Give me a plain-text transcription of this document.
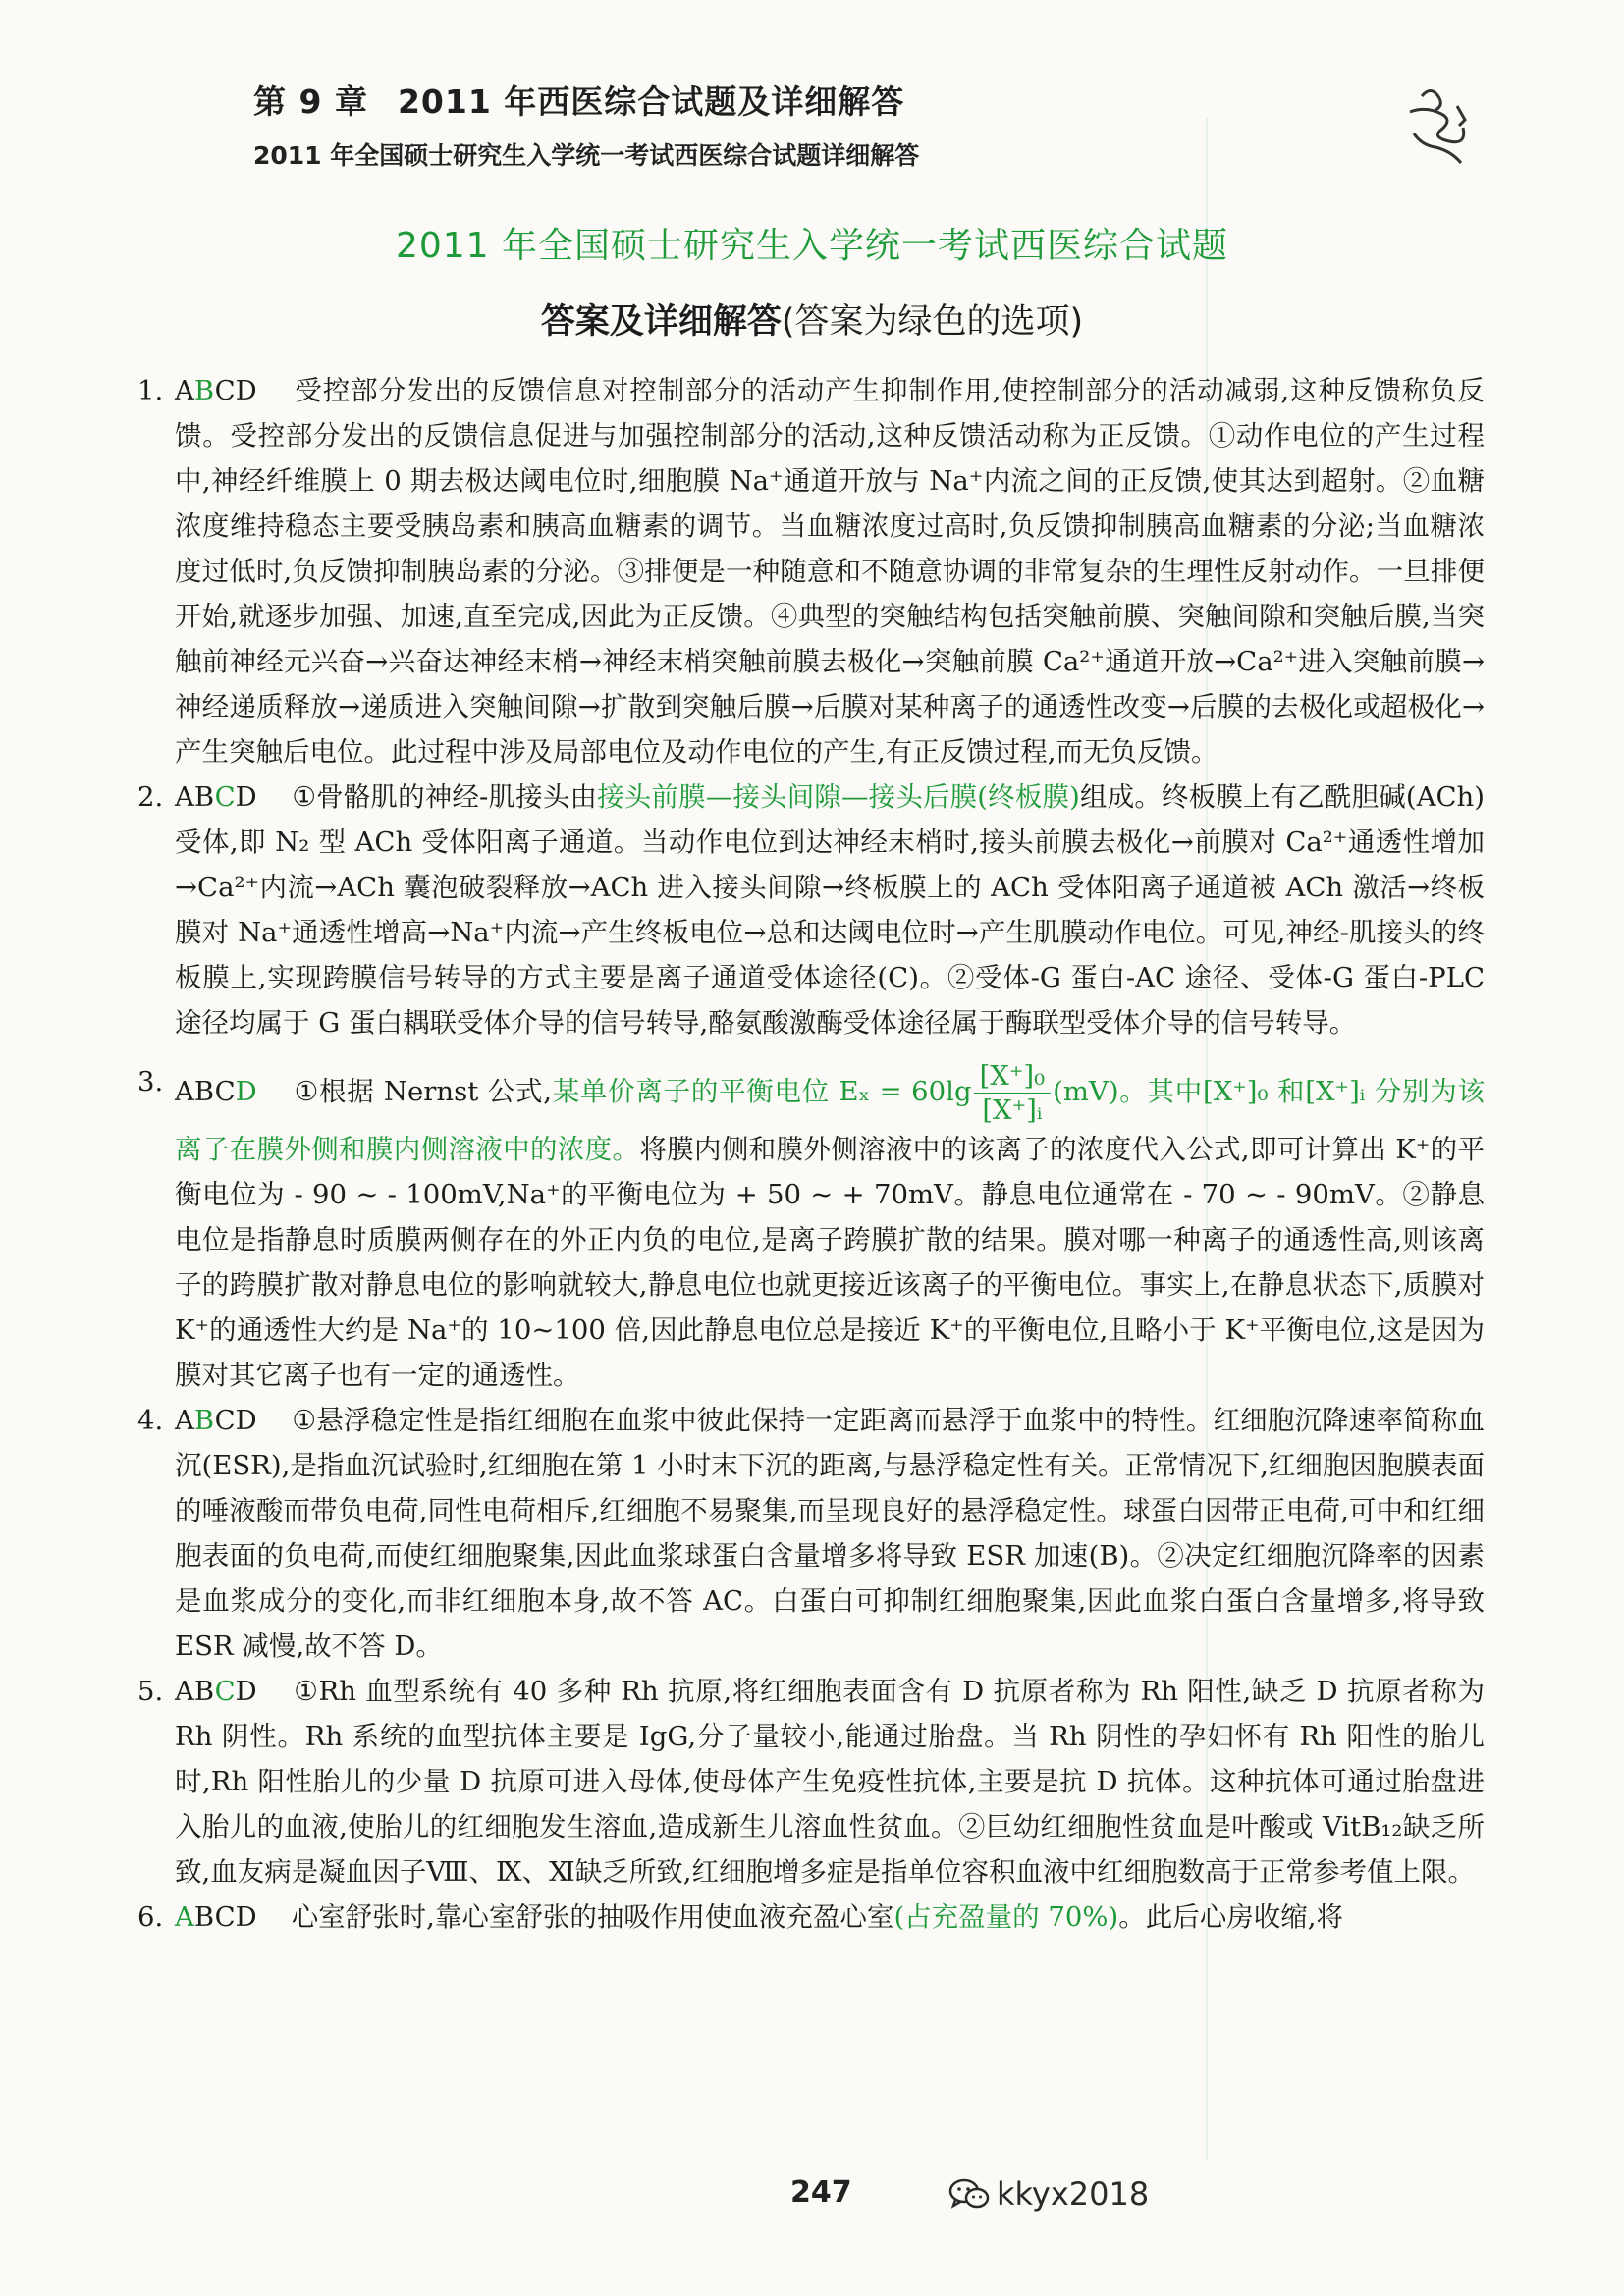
第 9 章 2011 年西医综合试题及详细解答
2011 年全国硕士研究生入学统一考试西医综合试题详细解答
2011 年全国硕士研究生入学统一考试西医综合试题
答案及详细解答(答案为绿色的选项)

1. ABCD 受控部分发出的反馈信息对控制部分的活动产生抑制作用,使控制部分的活动减弱,这种反馈称负反馈。受控部分发出的反馈信息促进与加强控制部分的活动,这种反馈活动称为正反馈。①动作电位的产生过程中,神经纤维膜上 0 期去极达阈电位时,细胞膜 Na⁺通道开放与 Na⁺内流之间的正反馈,使其达到超射。②血糖浓度维持稳态主要受胰岛素和胰高血糖素的调节。当血糖浓度过高时,负反馈抑制胰高血糖素的分泌;当血糖浓度过低时,负反馈抑制胰岛素的分泌。③排便是一种随意和不随意协调的非常复杂的生理性反射动作。一旦排便开始,就逐步加强、加速,直至完成,因此为正反馈。④典型的突触结构包括突触前膜、突触间隙和突触后膜,当突触前神经元兴奋→兴奋达神经末梢→神经末梢突触前膜去极化→突触前膜 Ca²⁺通道开放→Ca²⁺进入突触前膜→神经递质释放→递质进入突触间隙→扩散到突触后膜→后膜对某种离子的通透性改变→后膜的去极化或超极化→产生突触后电位。此过程中涉及局部电位及动作电位的产生,有正反馈过程,而无负反馈。

2. ABCD ①骨骼肌的神经-肌接头由接头前膜—接头间隙—接头后膜(终板膜)组成。终板膜上有乙酰胆碱(ACh)受体,即 N₂ 型 ACh 受体阳离子通道。当动作电位到达神经末梢时,接头前膜去极化→前膜对 Ca²⁺通透性增加→Ca²⁺内流→ACh 囊泡破裂释放→ACh 进入接头间隙→终板膜上的 ACh 受体阳离子通道被 ACh 激活→终板膜对 Na⁺通透性增高→Na⁺内流→产生终板电位→总和达阈电位时→产生肌膜动作电位。可见,神经-肌接头的终板膜上,实现跨膜信号转导的方式主要是离子通道受体途径(C)。②受体-G 蛋白-AC 途径、受体-G 蛋白-PLC 途径均属于 G 蛋白耦联受体介导的信号转导,酪氨酸激酶受体途径属于酶联型受体介导的信号转导。

3. ABCD ①根据 Nernst 公式,某单价离子的平衡电位 $E_x = 60\lg \frac{\text{[X⁺]₀}}{\text{[X⁺]ᵢ}} (mV)$。其中[X⁺]₀ 和[X⁺]ᵢ 分别为该离子在膜外侧和膜内侧溶液中的浓度。将膜内侧和膜外侧溶液中的该离子的浓度代入公式,即可计算出 K⁺的平衡电位为 - 90 ~ - 100mV,Na⁺的平衡电位为 + 50 ~ + 70mV。静息电位通常在 - 70 ~ - 90mV。②静息电位是指静息时质膜两侧存在的外正内负的电位,是离子跨膜扩散的结果。膜对哪一种离子的通透性高,则该离子的跨膜扩散对静息电位的影响就较大,静息电位也就更接近该离子的平衡电位。事实上,在静息状态下,质膜对 K⁺的通透性大约是 Na⁺的 10~100 倍,因此静息电位总是接近 K⁺的平衡电位,且略小于 K⁺平衡电位,这是因为膜对其它离子也有一定的通透性。

4. ABCD ①悬浮稳定性是指红细胞在血浆中彼此保持一定距离而悬浮于血浆中的特性。红细胞沉降速率简称血沉(ESR),是指血沉试验时,红细胞在第 1 小时末下沉的距离,与悬浮稳定性有关。正常情况下,红细胞因胞膜表面的唾液酸而带负电荷,同性电荷相斥,红细胞不易聚集,而呈现良好的悬浮稳定性。球蛋白因带正电荷,可中和红细胞表面的负电荷,而使红细胞聚集,因此血浆球蛋白含量增多将导致 ESR 加速(B)。②决定红细胞沉降率的因素是血浆成分的变化,而非红细胞本身,故不答 AC。白蛋白可抑制红细胞聚集,因此血浆白蛋白含量增多,将导致 ESR 减慢,故不答 D。

5. ABCD ①Rh 血型系统有 40 多种 Rh 抗原,将红细胞表面含有 D 抗原者称为 Rh 阳性,缺乏 D 抗原者称为 Rh 阴性。Rh 系统的血型抗体主要是 IgG,分子量较小,能通过胎盘。当 Rh 阴性的孕妇怀有 Rh 阳性的胎儿时,Rh 阳性胎儿的少量 D 抗原可进入母体,使母体产生免疫性抗体,主要是抗 D 抗体。这种抗体可通过胎盘进入胎儿的血液,使胎儿的红细胞发生溶血,造成新生儿溶血性贫血。②巨幼红细胞性贫血是叶酸或 VitB₁₂缺乏所致,血友病是凝血因子Ⅷ、Ⅸ、Ⅺ缺乏所致,红细胞增多症是指单位容积血液中红细胞数高于正常参考值上限。

6. ABCD 心室舒张时,靠心室舒张的抽吸作用使血液充盈心室(占充盈量的 70%)。此后心房收缩,将

247	kkyx2018
